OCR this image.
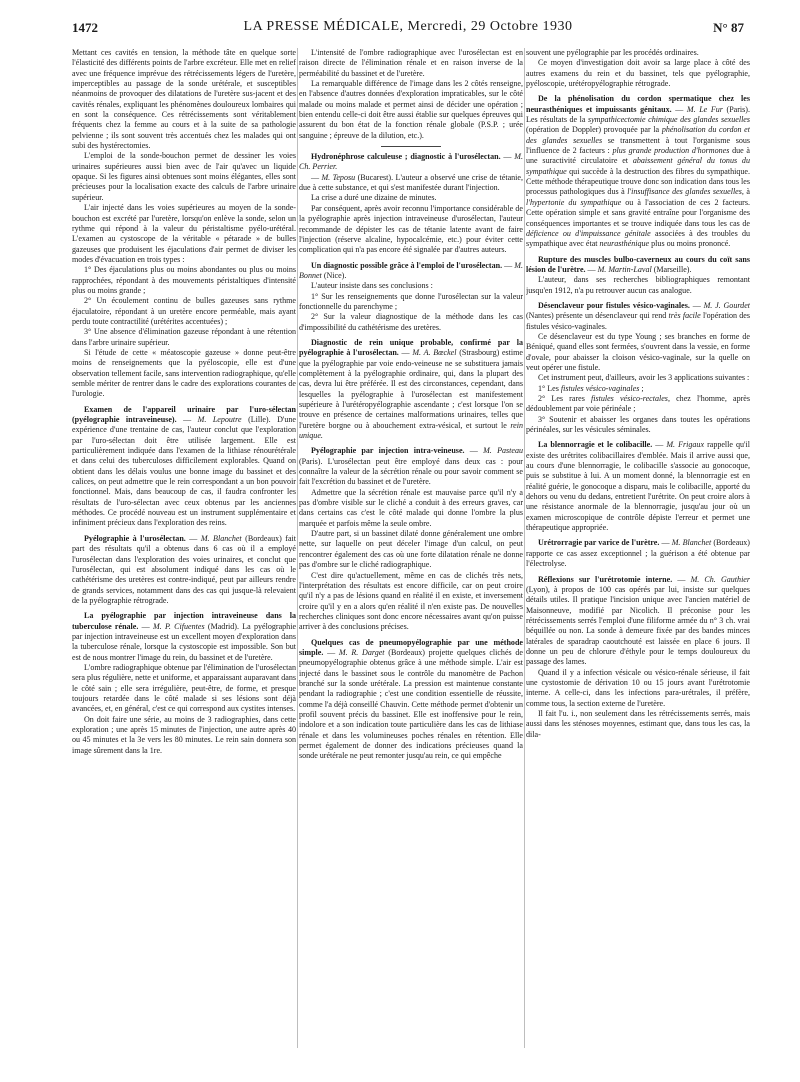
1472	LA PRESSE MÉDICALE, Mercredi, 29 Octobre 1930	N° 87

Mettant ces cavités en tension, la méthode tâte en quelque sorte l'élasticité des différents points de l'arbre excréteur. Elle met en relief avec une fréquence imprévue des rétrécissements légers de l'uretère, imperceptibles au passage de la sonde urétérale, et susceptibles néanmoins de provoquer des dilatations de l'uretère sus-jacent et des cavités rénales, expliquant les phénomènes douloureux lombaires qui en sont la conséquence. Ces rétrécissements sont véritablement fréquents chez la femme au cours et à la suite de sa pathologie pelvienne ; ils sont souvent très accentués chez les malades qui ont subi des hystérectomies.

L'emploi de la sonde-bouchon permet de dessiner les voies urinaires supérieures aussi bien avec de l'air qu'avec un liquide opaque. Si les figures ainsi obtenues sont moins élégantes, elles sont précieuses pour la localisation exacte des calculs de l'arbre urinaire supérieur.

L'air injecté dans les voies supérieures au moyen de la sonde-bouchon est excrété par l'uretère, lorsqu'on enlève la sonde, selon un rythme qui répond à la valeur du péristaltisme pyélo-urétéral. L'examen au cystoscope de la véritable « pétarade » de bulles gazeuses que produisent les éjaculations d'air permet de diviser les modes d'évacuation en trois types :

1° Des éjaculations plus ou moins abondantes ou plus ou moins rapprochées, répondant à des mouvements péristaltiques d'intensité plus ou moins grande ;

2° Un écoulement continu de bulles gazeuses sans rythme éjaculatoire, répondant à un uretère encore perméable, mais ayant perdu toute contractilité (urétérites accentuées) ;

3° Une absence d'élimination gazeuse répondant à une rétention dans l'arbre urinaire supérieur.

Si l'étude de cette « méatoscopie gazeuse » donne peut-être moins de renseignements que la pyéloscopie, elle est d'une observation tellement facile, sans intervention radiographique, qu'elle semble mériter de rentrer dans le cadre des explorations courantes de l'urologie.

Examen de l'appareil urinaire par l'uro-sélectan (pyélographie intraveineuse). — M. Lepoutre (Lille). D'une expérience d'une trentaine de cas, l'auteur conclut que l'exploration par l'uro-sélectan doit être utilisée largement. Elle est particulièrement indiquée dans l'examen de la lithiase rénourétérale et dans celui des tuberculoses difficilement explorables. Quand on obtient dans les délais voulus une bonne image du bassinet et des calices, on peut admettre que le rein correspondant a un bon pouvoir fonctionnel. Mais, dans beaucoup de cas, il faudra confronter les résultats de l'uro-sélectan avec ceux obtenus par les anciennes méthodes. Ce procédé nouveau est un instrument supplémentaire et infiniment précieux dans l'exploration des reins.

Pyélographie à l'urosélectan. — M. Blanchet (Bordeaux) fait part des résultats qu'il a obtenus dans 6 cas où il a employé l'urosélectan dans l'exploration des voies urinaires, et conclut que l'urosélectan, qui est absolument indiqué dans les cas où le cathétérisme des uretères est contre-indiqué, peut par ailleurs rendre de grands services, notamment dans des cas qui jusque-là relevaient de la pyélographie rétrograde.

La pyélographie par injection intraveineuse dans la tuberculose rénale. — M. P. Cifuentes (Madrid). La pyélographie par injection intraveineuse est un excellent moyen d'exploration dans la tuberculose rénale, lorsque la cystoscopie est impossible. Son but est de nous montrer l'image du rein, du bassinet et de l'uretère.

L'ombre radiographique obtenue par l'élimination de l'urosélectan sera plus régulière, nette et uniforme, et apparaissant auparavant dans le côté sain ; elle sera irrégulière, peut-être, de forme, et presque toujours retardée dans le côté malade si ses lésions sont déjà avancées, et, en général, c'est ce qui correspond aux cystites intenses.

On doit faire une série, au moins de 3 radiographies, dans cette exploration ; une après 15 minutes de l'injection, une autre après 40 ou 45 minutes et la 3e vers les 80 minutes. Le rein sain donnera son image sûrement dans la 1re.

L'intensité de l'ombre radiographique avec l'urosélectan est en raison directe de l'élimination rénale et en raison inverse de la perméabilité du bassinet et de l'uretère.

La remarquable différence de l'image dans les 2 côtés renseigne, en l'absence d'autres données d'exploration impraticables, sur le côté malade ou moins malade et permet ainsi de décider une opération ; bien entendu celle-ci doit être aussi établie sur quelques épreuves qui assurent du bon état de la fonction rénale globale (P.S.P. ; urée sanguine ; épreuve de la dilution, etc.).

Hydronéphrose calculeuse ; diagnostic à l'urosélectan. — M. Ch. Perrier.

— M. Teposu (Bucarest). L'auteur a observé une crise de tétanie, due à cette substance, et qui s'est manifestée durant l'injection.

La crise a duré une dizaine de minutes.

Par conséquent, après avoir reconnu l'importance considérable de la pyélographie après injection intraveineuse d'urosélectan, l'auteur recommande de dépister les cas de tétanie latente avant de faire l'injection (réserve alcaline, hypocalcémie, etc.) pour éviter cette complication qui n'a pas encore été signalée par d'autres auteurs.

Un diagnostic possible grâce à l'emploi de l'urosélectan. — M. Bonnet (Nice).

L'auteur insiste dans ses conclusions :

1° Sur les renseignements que donne l'urosélectan sur la valeur fonctionnelle du parenchyme ;

2° Sur la valeur diagnostique de la méthode dans les cas d'impossibilité du cathétérisme des uretères.

Diagnostic de rein unique probable, confirmé par la pyélographie à l'urosélectan. — M. A. Bœckel (Strasbourg) estime que la pyélographie par voie endo-veineuse ne se substituera jamais complètement à la pyélographie ordinaire, qui, dans la plupart des cas, devra lui être préférée. Il est des circonstances, cependant, dans lesquelles la pyélographie à l'urosélectan est manifestement supérieure à l'urétéropyélographie ascendante ; c'est lorsque l'on se trouve en présence de certaines malformations urinaires, telles que l'uretère borgne ou à abouchement extra-vésical, et surtout le rein unique.

Pyélographie par injection intra-veineuse. — M. Pasteau (Paris). L'urosélectan peut être employé dans deux cas : pour connaître la valeur de la sécrétion rénale ou pour savoir comment se fait l'excrétion du bassinet et de l'uretère.

Admettre que la sécrétion rénale est mauvaise parce qu'il n'y a pas d'ombre visible sur le cliché a conduit à des erreurs graves, car dans certains cas c'est le côté malade qui donne l'ombre la plus marquée et parfois même la seule ombre.

D'autre part, si un bassinet dilaté donne généralement une ombre nette, sur laquelle on peut déceler l'image d'un calcul, on peut rencontrer également des cas où une forte dilatation rénale ne donne pas d'ombre sur le cliché radiographique.

C'est dire qu'actuellement, même en cas de clichés très nets, l'interprétation des résultats est encore difficile, car on peut croire qu'il n'y a pas de lésions quand en réalité il en existe, et inversement croire qu'il y en a alors qu'en réalité il n'en existe pas. De nouvelles recherches cliniques sont donc encore nécessaires avant qu'on puisse arriver à des conclusions précises.

Quelques cas de pneumopyélographie par une méthode simple. — M. R. Darget (Bordeaux) projette quelques clichés de pneumopyélographie obtenus grâce à une méthode simple. L'air est injecté dans le bassinet sous le contrôle du manomètre de Pachon branché sur la sonde urétérale. La pression est maintenue constante pendant la radiographie ; c'est une condition essentielle de réussite, comme l'a déjà conseillé Chauvin. Cette méthode permet d'obtenir un profil souvent précis du bassinet. Elle est inoffensive pour le rein, indolore et a son indication toute particulière dans les cas de lithiase rénale et dans les volumineuses poches rénales en rétention. Elle permet également de donner des indications précieuses quand la sonde urétérale ne peut remonter jusqu'au rein, ce qui empêche

souvent une pyélographie par les procédés ordinaires.

Ce moyen d'investigation doit avoir sa large place à côté des autres examens du rein et du bassinet, tels que pyélographie, pyéloscopie, urétéropyélographie rétrograde.

De la phénolisation du cordon spermatique chez les neurasthéniques et impuissants génitaux. — M. Le Fur (Paris). Les résultats de la sympathicectomie chimique des glandes sexuelles (opération de Doppler) provoquée par la phénolisation du cordon et des glandes sexuelles se transmettent à tout l'organisme sous l'influence de 2 facteurs : plus grande production d'hormones due à une suractivité circulatoire et abaissement général du tonus du sympathique qui succède à la destruction des fibres du sympathique. Cette méthode thérapeutique trouve donc son indication dans tous les processus pathologiques dus à l'insuffisance des glandes sexuelles, à l'hypertonie du sympathique ou à l'association de ces 2 facteurs. Cette opération simple et sans gravité entraîne pour l'organisme des conséquences importantes et se trouve indiquée dans tous les cas de déficience ou d'impuissance génitale associées à des troubles du sympathique avec état neurasthénique plus ou moins prononcé.

Rupture des muscles bulbo-caverneux au cours du coït sans lésion de l'urètre. — M. Martin-Laval (Marseille).

L'auteur, dans ses recherches bibliographiques remontant jusqu'en 1912, n'a pu retrouver aucun cas analogue.

Désenclaveur pour fistules vésico-vaginales. — M. J. Gourdet (Nantes) présente un désenclaveur qui rend très facile l'opération des fistules vésico-vaginales.

Ce désenclaveur est du type Young ; ses branches en forme de Béniqué, quand elles sont fermées, s'ouvrent dans la vessie, en forme d'ovale, pour abaisser la cloison vésico-vaginale, sur la quelle on veut opérer une fistule.

Cet instrument peut, d'ailleurs, avoir les 3 applications suivantes :

1° Les fistules vésico-vaginales ;

2° Les rares fistules vésico-rectales, chez l'homme, après dédoublement par voie périnéale ;

3° Soutenir et abaisser les organes dans toutes les opérations périnéales, sur les vésicules séminales.

La blennorragie et le colibacille. — M. Frigaux rappelle qu'il existe des urétrites colibacillaires d'emblée. Mais il arrive aussi que, au cours d'une blennorragie, le colibacille s'associe au gonocoque, puis se substitue à lui. A un moment donné, la blennorragie est en réalité guérie, le gonocoque a disparu, mais le colibacille, apporté du dehors ou venu du dedans, entretient l'urétrite. On peut croire alors à une résistance anormale de la blennorragie, jusqu'au jour où un examen microscopique de contrôle dépiste l'erreur et permet une thérapeutique appropriée.

Urétrorragie par varice de l'urètre. — M. Blanchet (Bordeaux) rapporte ce cas assez exceptionnel ; la guérison a été obtenue par l'électrolyse.

Réflexions sur l'urétrotomie interne. — M. Ch. Gauthier (Lyon), à propos de 100 cas opérés par lui, insiste sur quelques détails utiles. Il pratique l'incision unique avec l'ancien matériel de Maisonneuve, modifié par Nicolich. Il préconise pour les rétrécissements serrés l'emploi d'une filiforme armée du n° 3 ch. vrai béquillée ou non. La sonde à demeure fixée par des bandes minces latérales de sparadrap caoutchouté est laissée en place 6 jours. Il donne un peu de chlorure d'éthyle pour le temps douloureux du passage des lames.

Quand il y a infection vésicale ou vésico-rénale sérieuse, il fait une cystostomie de dérivation 10 ou 15 jours avant l'urétrotomie interne. A celle-ci, dans les infections para-urétrales, il préfère, comme tous, la section externe de l'uretère.

Il fait l'u. i., non seulement dans les rétrécissements serrés, mais aussi dans les sténoses moyennes, estimant que, dans tous les cas, la dila-
